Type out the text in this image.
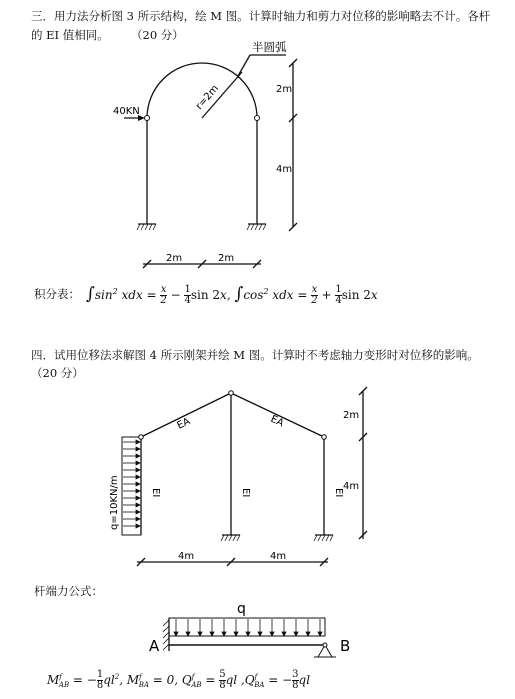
三．用力法分析图 3 所示结构，绘 M 图。计算时轴力和剪力对位移的影响略去不计。各杆
的 EI 值相同。 （20 分）
40KN
半圆弧
r=2m	2m
4m
2m	2m
积分表： $\int\sin^2$ xdx = $\frac{x}{2} - \frac{1}{4}$ sin 2x, $\int\cos^2$ xdx = $\frac{x}{2} + \frac{1}{4}$ sin 2x
四．试用位移法求解图 4 所示刚架并绘 M 图。计算时不考虑轴力变形时对位移的影响。
（20 分）
EA	EA
q=10KN/m	EI	EI	EI
2m
4m
4m	4m
杆端力公式：
q
A	B
$M^f_{AB}$ = − $\frac{1}{8} ql^2$, $M^f_{BA} = 0$, $Q^f_{AB} = \frac{5}{8}$ ql $,Q^f_{BA}$ = − $\frac{3}{8}$ ql
